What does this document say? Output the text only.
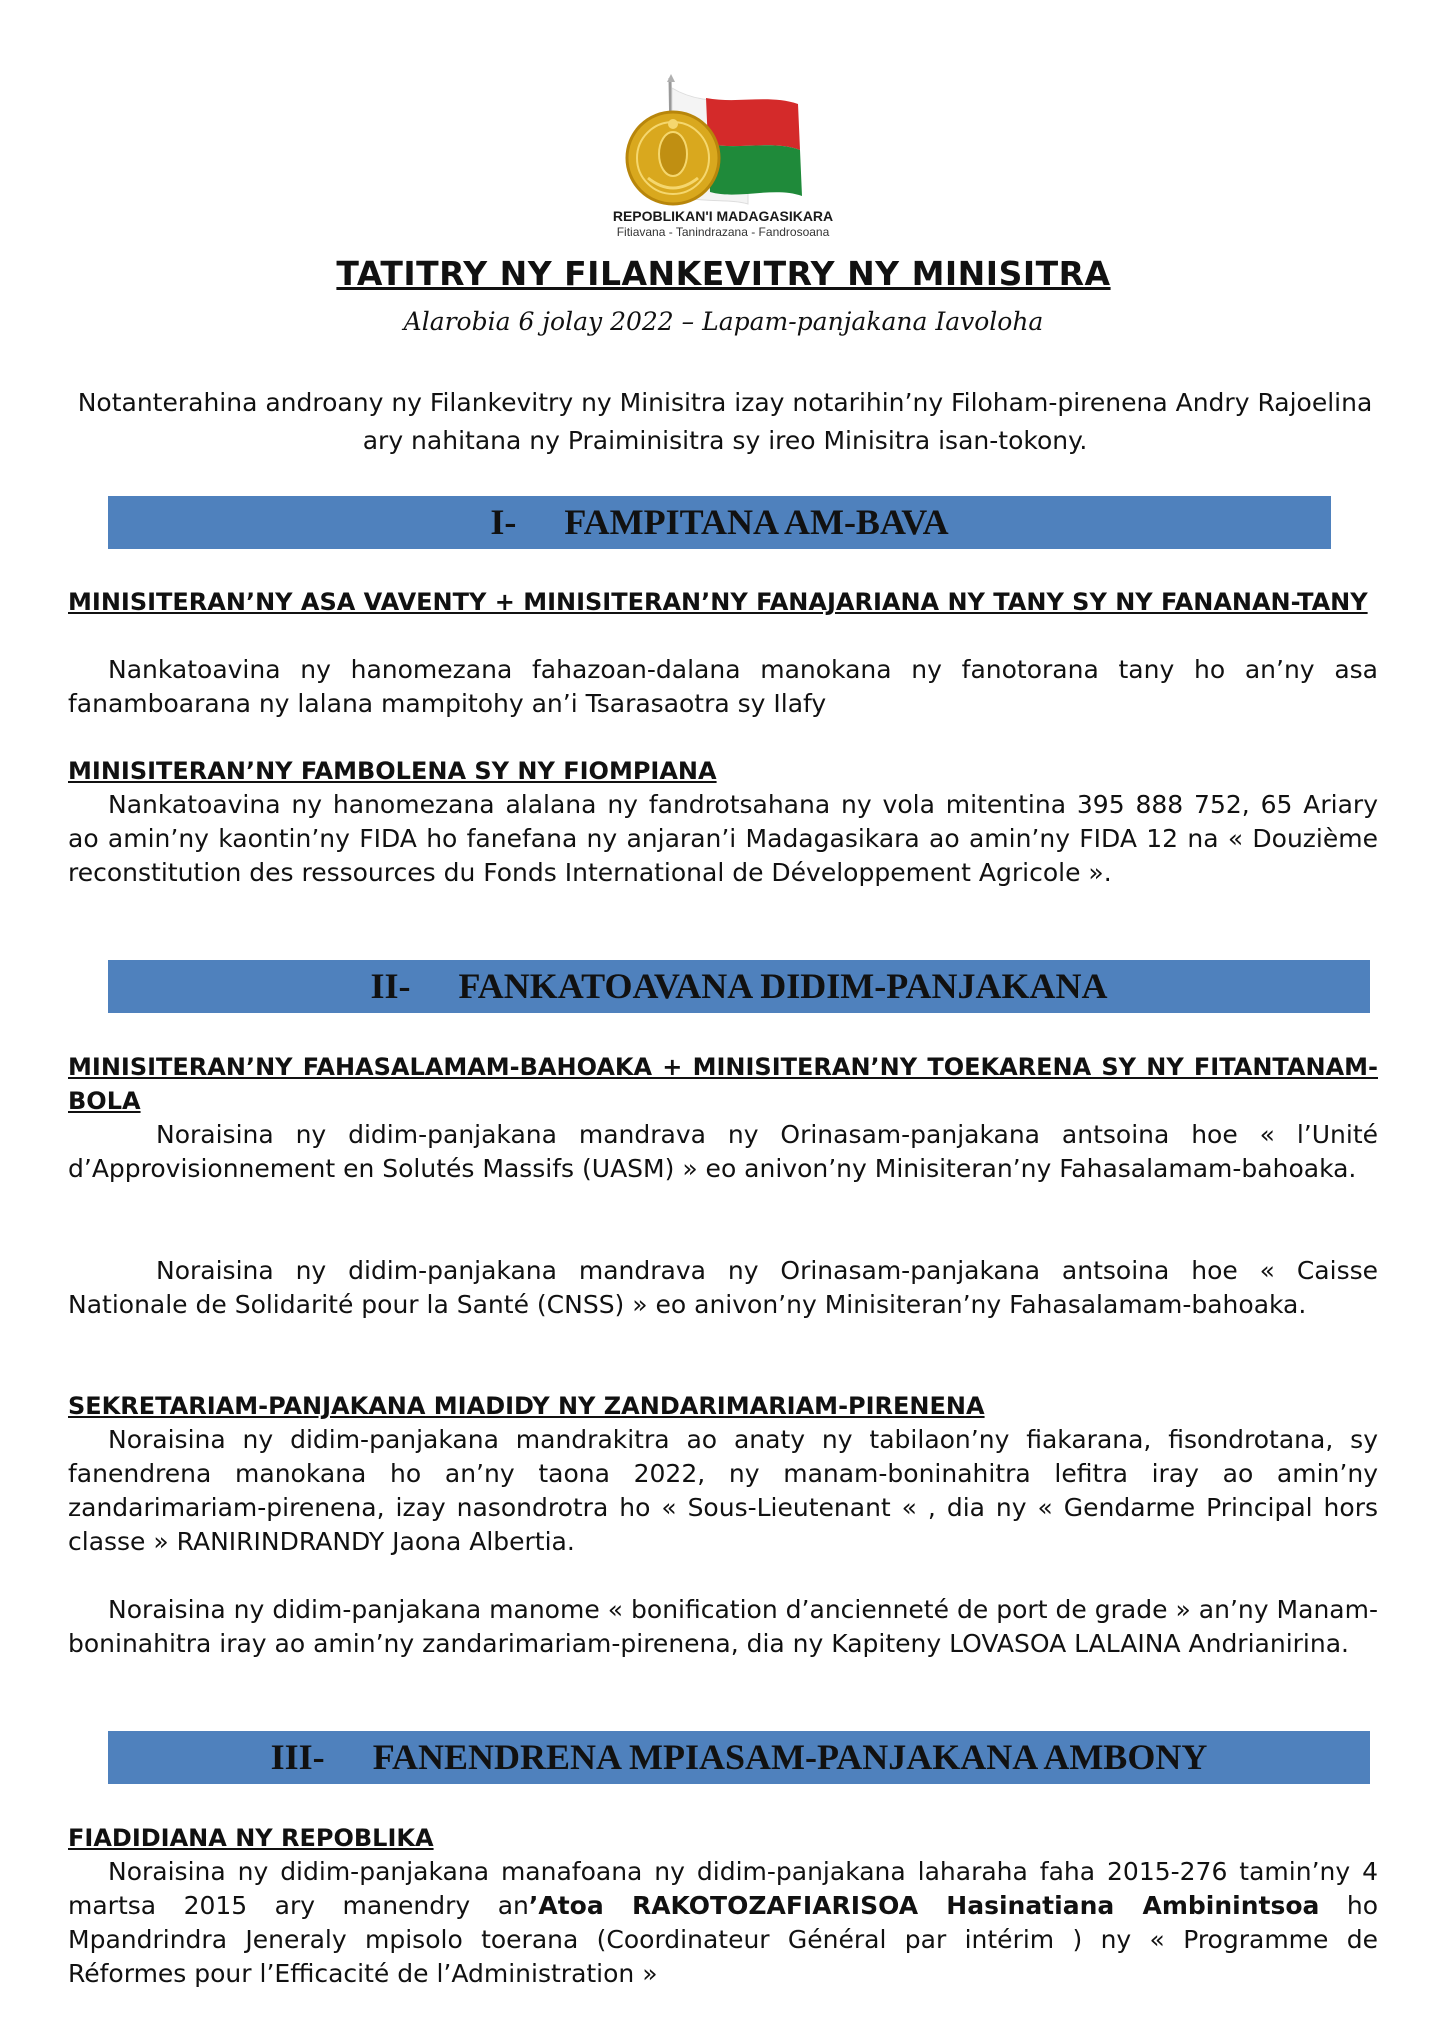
REPOBLIKAN'I MADAGASIKARA
Fitiavana - Tanindrazana - Fandrosoana
TATITRY NY FILANKEVITRY NY MINISITRA
Alarobia 6 jolay 2022 – Lapam-panjakana Iavoloha
Notanterahina androany ny Filankevitry ny Minisitra izay notarihin’ny Filoham-pirenena Andry Rajoelina ary nahitana ny Praiminisitra sy ireo Minisitra isan-tokony.
I- FAMPITANA AM-BAVA
MINISITERAN’NY ASA VAVENTY + MINISITERAN’NY FANAJARIANA NY TANY SY NY FANANAN-TANY
Nankatoavina ny hanomezana fahazoan-dalana manokana ny fanotorana tany ho an’ny asa fanamboarana ny lalana mampitohy an’i Tsarasaotra sy Ilafy
MINISITERAN’NY FAMBOLENA SY NY FIOMPIANA
Nankatoavina ny hanomezana alalana ny fandrotsahana ny vola mitentina 395 888 752, 65 Ariary ao amin’ny kaontin’ny FIDA ho fanefana ny anjaran’i Madagasikara ao amin’ny FIDA 12 na « Douzième reconstitution des ressources du Fonds International de Développement Agricole ».
II- FANKATOAVANA DIDIM-PANJAKANA
MINISITERAN’NY FAHASALAMAM-BAHOAKA + MINISITERAN’NY TOEKARENA SY NY FITANTANAM-BOLA
Noraisina ny didim-panjakana mandrava ny Orinasam-panjakana antsoina hoe « l’Unité d’Approvisionnement en Solutés Massifs (UASM) » eo anivon’ny Minisiteran’ny Fahasalamam-bahoaka.
Noraisina ny didim-panjakana mandrava ny Orinasam-panjakana antsoina hoe « Caisse Nationale de Solidarité pour la Santé (CNSS) » eo anivon’ny Minisiteran’ny Fahasalamam-bahoaka.
SEKRETARIAM-PANJAKANA MIADIDY NY ZANDARIMARIAM-PIRENENA
Noraisina ny didim-panjakana mandrakitra ao anaty ny tabilaon’ny fiakarana, fisondrotana, sy fanendrena manokana ho an’ny taona 2022, ny manam-boninahitra lefitra iray ao amin’ny zandarimariam-pirenena, izay nasondrotra ho « Sous-Lieutenant « , dia ny « Gendarme Principal hors classe » RANIRINDRANDY Jaona Albertia.
Noraisina ny didim-panjakana manome « bonification d’ancienneté de port de grade » an’ny Manam-boninahitra iray ao amin’ny zandarimariam-pirenena, dia ny Kapiteny LOVASOA LALAINA Andrianirina.
III- FANENDRENA MPIASAM-PANJAKANA AMBONY
FIADIDIANA NY REPOBLIKA
Noraisina ny didim-panjakana manafoana ny didim-panjakana laharaha faha 2015-276 tamin’ny 4 martsa 2015 ary manendry an’Atoa RAKOTOZAFIARISOA Hasinatiana Ambinintsoa ho Mpandrindra Jeneraly mpisolo toerana (Coordinateur Général par intérim ) ny « Programme de Réformes pour l’Efficacité de l’Administration »
